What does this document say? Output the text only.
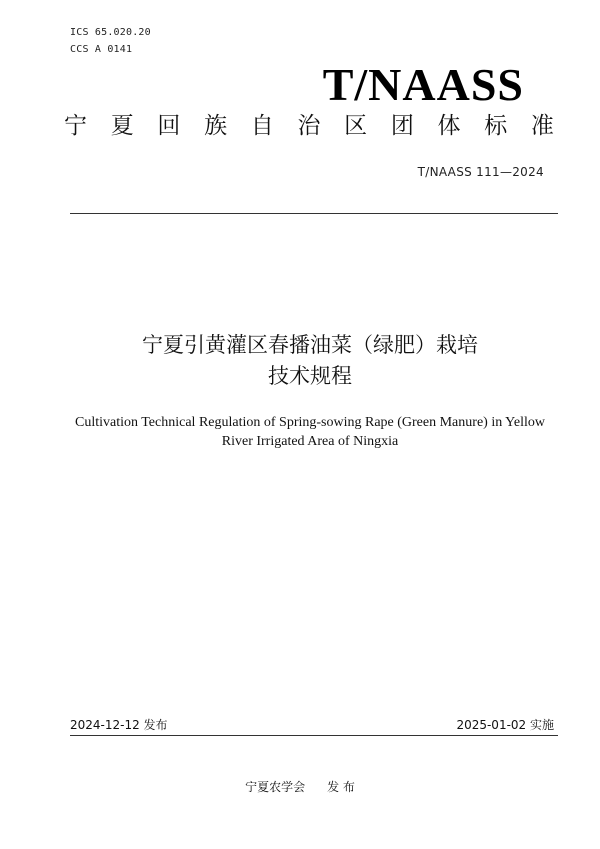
ICS 65.020.20
CCS A 0141
T/NAASS
宁 夏 回 族 自 治 区 团 体 标 准
T/NAASS 111—2024
宁夏引黄灌区春播油菜（绿肥）栽培
技术规程
Cultivation Technical Regulation of Spring-sowing Rape (Green Manure) in Yellow
River Irrigated Area of Ningxia
2024-12-12 发布	2025-01-02 实施
宁夏农学会 发 布
